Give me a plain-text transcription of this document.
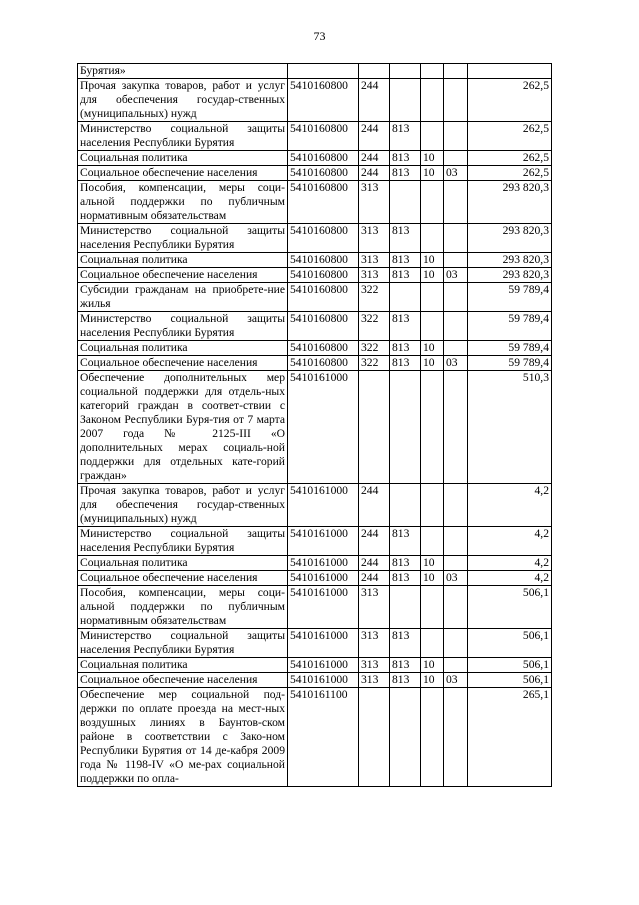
73
Бурятия»						
Прочая закупка товаров, работ и услуг для обеспечения государ-ственных (муниципальных) нужд	5410160800	244				262,5
Министерство социальной защиты населения Республики Бурятия	5410160800	244	813			262,5
Социальная политика	5410160800	244	813	10		262,5
Социальное обеспечение населения	5410160800	244	813	10	03	262,5
Пособия, компенсации, меры соци-альной поддержки по публичным нормативным обязательствам	5410160800	313				293 820,3
Министерство социальной защиты населения Республики Бурятия	5410160800	313	813			293 820,3
Социальная политика	5410160800	313	813	10		293 820,3
Социальное обеспечение населения	5410160800	313	813	10	03	293 820,3
Субсидии гражданам на приобрете-ние жилья	5410160800	322				59 789,4
Министерство социальной защиты населения Республики Бурятия	5410160800	322	813			59 789,4
Социальная политика	5410160800	322	813	10		59 789,4
Социальное обеспечение населения	5410160800	322	813	10	03	59 789,4
Обеспечение дополнительных мер социальной поддержки для отдель-ных категорий граждан в соответ-ствии с Законом Республики Буря-тия от 7 марта 2007 года № 2125-III «О дополнительных мерах социаль-ной поддержки для отдельных кате-горий граждан»	5410161000					510,3
Прочая закупка товаров, работ и услуг для обеспечения государ-ственных (муниципальных) нужд	5410161000	244				4,2
Министерство социальной защиты населения Республики Бурятия	5410161000	244	813			4,2
Социальная политика	5410161000	244	813	10		4,2
Социальное обеспечение населения	5410161000	244	813	10	03	4,2
Пособия, компенсации, меры соци-альной поддержки по публичным нормативным обязательствам	5410161000	313				506,1
Министерство социальной защиты населения Республики Бурятия	5410161000	313	813			506,1
Социальная политика	5410161000	313	813	10		506,1
Социальное обеспечение населения	5410161000	313	813	10	03	506,1
Обеспечение мер социальной под-держки по оплате проезда на мест-ных воздушных линиях в Баунтов-ском районе в соответствии с Зако-ном Республики Бурятия от 14 де-кабря 2009 года № 1198-IV «О ме-рах социальной поддержки по опла-	5410161100					265,1
